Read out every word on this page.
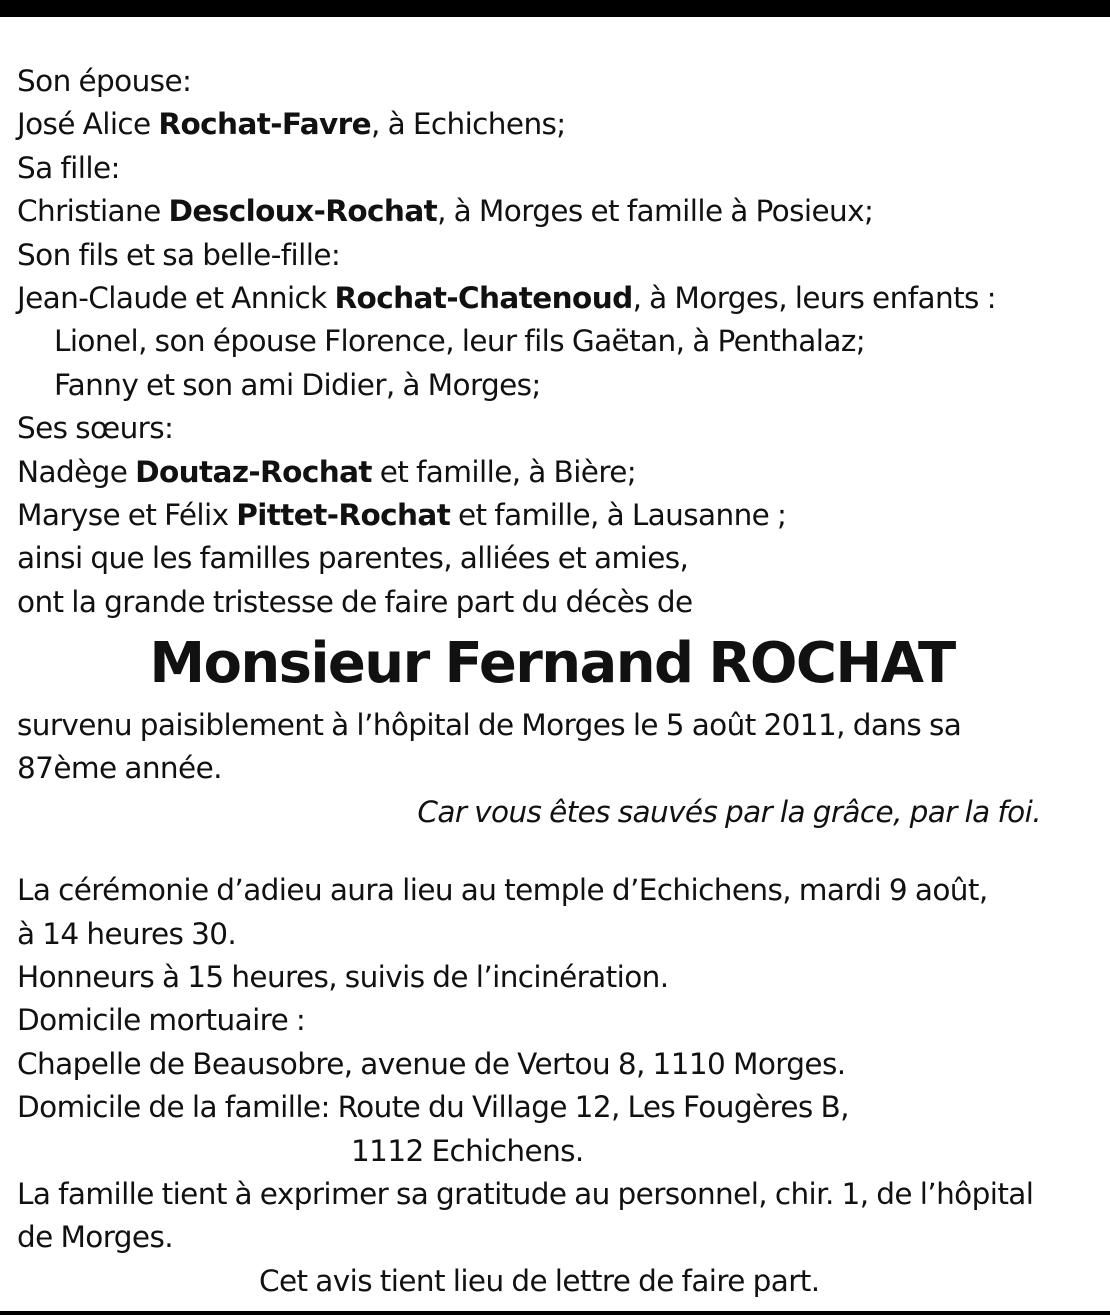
Son épouse:
José Alice Rochat-Favre, à Echichens;
Sa fille:
Christiane Descloux-Rochat, à Morges et famille à Posieux;
Son fils et sa belle-fille:
Jean-Claude et Annick Rochat-Chatenoud, à Morges, leurs enfants :
Lionel, son épouse Florence, leur fils Gaëtan, à Penthalaz;
Fanny et son ami Didier, à Morges;
Ses sœurs:
Nadège Doutaz-Rochat et famille, à Bière;
Maryse et Félix Pittet-Rochat et famille, à Lausanne ;
ainsi que les familles parentes, alliées et amies,
ont la grande tristesse de faire part du décès de
Monsieur Fernand ROCHAT
survenu paisiblement à l’hôpital de Morges le 5 août 2011, dans sa
87ème année.
Car vous êtes sauvés par la grâce, par la foi.
La cérémonie d’adieu aura lieu au temple d’Echichens, mardi 9 août,
à 14 heures 30.
Honneurs à 15 heures, suivis de l’incinération.
Domicile mortuaire :
Chapelle de Beausobre, avenue de Vertou 8, 1110 Morges.
Domicile de la famille: Route du Village 12, Les Fougères B,
1112 Echichens.
La famille tient à exprimer sa gratitude au personnel, chir. 1, de l’hôpital
de Morges.
Cet avis tient lieu de lettre de faire part.
